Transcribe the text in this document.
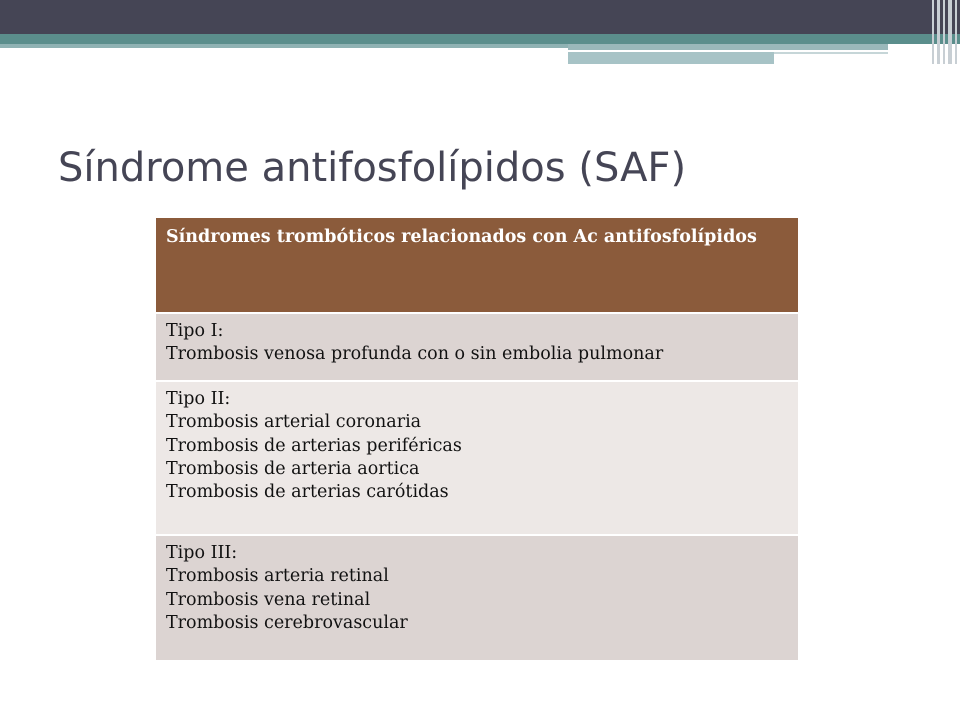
Síndrome antifosfolípidos (SAF)
Síndromes trombóticos relacionados con Ac antifosfolípidos
Tipo I:
Trombosis venosa profunda con o sin embolia pulmonar
Tipo II:
Trombosis arterial coronaria
Trombosis de arterias periféricas
Trombosis de arteria aortica
Trombosis de arterias carótidas
Tipo III:
Trombosis arteria retinal
Trombosis vena retinal
Trombosis cerebrovascular
